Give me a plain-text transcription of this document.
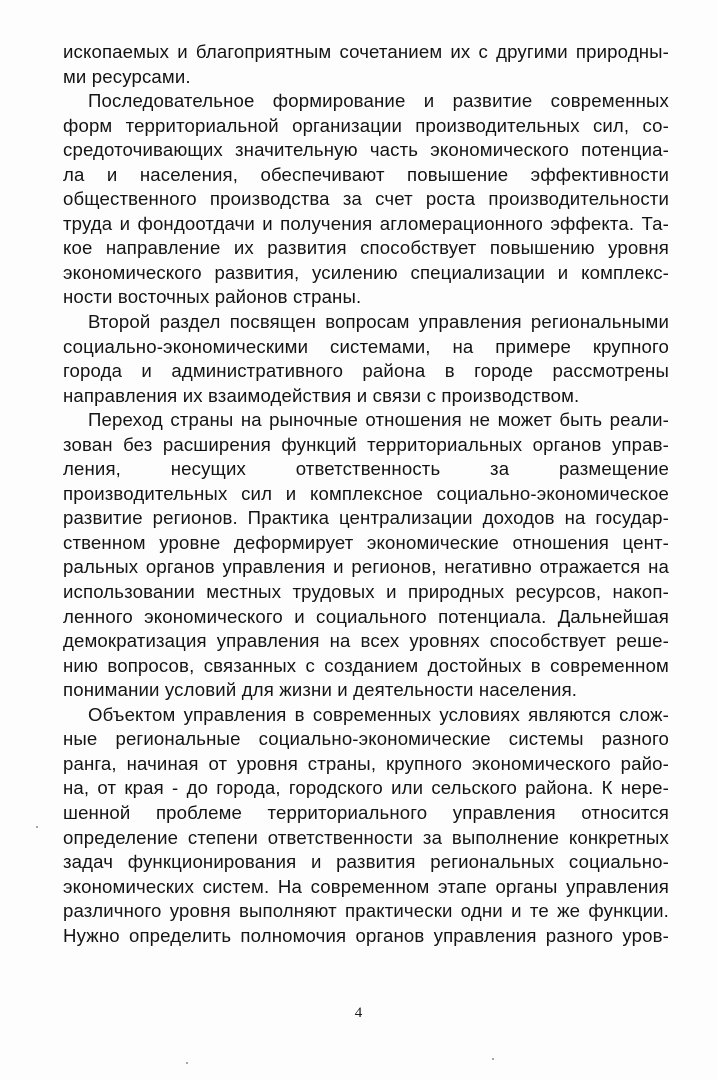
ископаемых и благоприятным сочетанием их с другими природны-
ми ресурсами.
Последовательное формирование и развитие современных
форм территориальной организации производительных сил, со-
средоточивающих значительную часть экономического потенциа-
ла и населения, обеспечивают повышение эффективности
общественного производства за счет роста производительности
труда и фондоотдачи и получения агломерационного эффекта. Та-
кое направление их развития способствует повышению уровня
экономического развития, усилению специализации и комплекс-
ности восточных районов страны.
Второй раздел посвящен вопросам управления региональными
социально-экономическими системами, на примере крупного
города и административного района в городе рассмотрены
направления их взаимодействия и связи с производством.
Переход страны на рыночные отношения не может быть реали-
зован без расширения функций территориальных органов управ-
ления, несущих ответственность за размещение
производительных сил и комплексное социально-экономическое
развитие регионов. Практика централизации доходов на государ-
ственном уровне деформирует экономические отношения цент-
ральных органов управления и регионов, негативно отражается на
использовании местных трудовых и природных ресурсов, накоп-
ленного экономического и социального потенциала. Дальнейшая
демократизация управления на всех уровнях способствует реше-
нию вопросов, связанных с созданием достойных в современном
понимании условий для жизни и деятельности населения.
Объектом управления в современных условиях являются слож-
ные региональные социально-экономические системы разного
ранга, начиная от уровня страны, крупного экономического райо-
на, от края - до города, городского или сельского района. К нере-
шенной проблеме территориального управления относится
определение степени ответственности за выполнение конкретных
задач функционирования и развития региональных социально-
экономических систем. На современном этапе органы управления
различного уровня выполняют практически одни и те же функции.
Нужно определить полномочия органов управления разного уров-
4
